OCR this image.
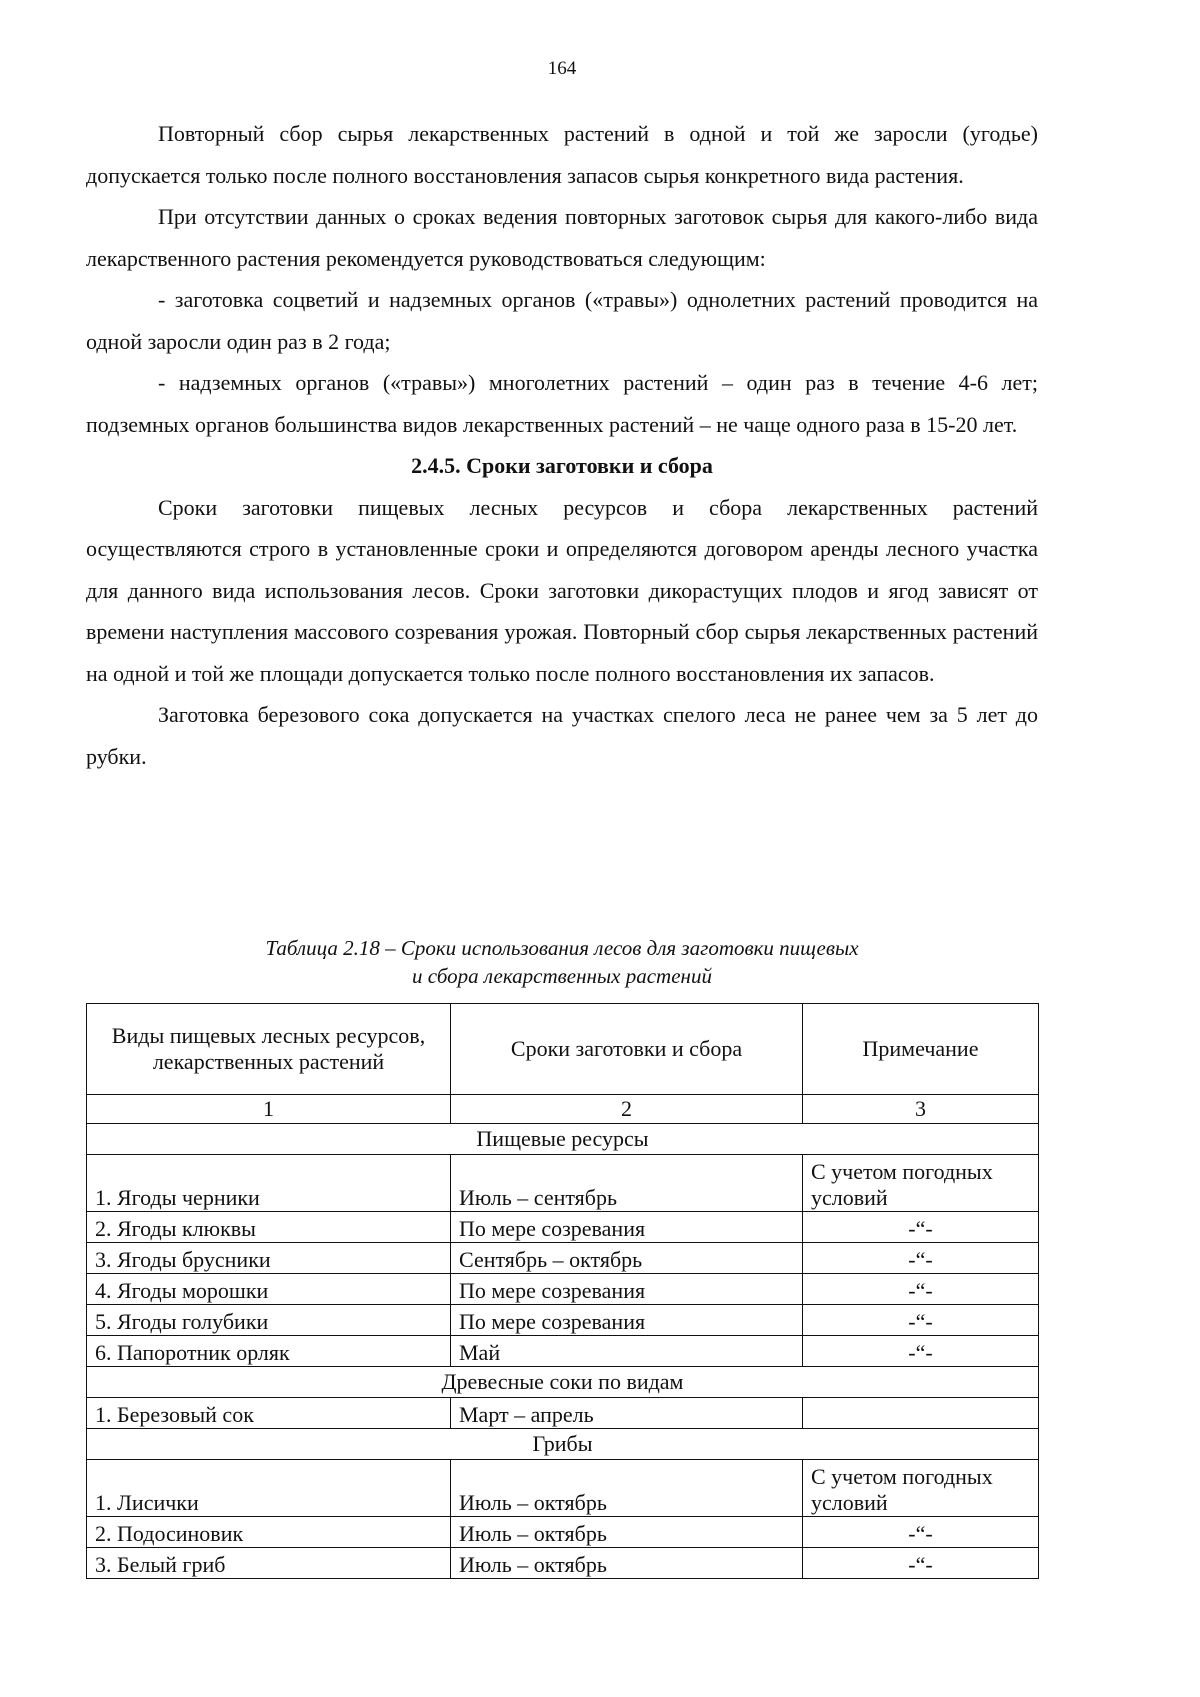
164

Повторный сбор сырья лекарственных растений в одной и той же заросли (угодье) допускается только после полного восстановления запасов сырья конкретного вида растения.

При отсутствии данных о сроках ведения повторных заготовок сырья для какого-либо вида лекарственного растения рекомендуется руководствоваться следующим:

- заготовка соцветий и надземных органов («травы») однолетних растений проводится на одной заросли один раз в 2 года;

- надземных органов («травы») многолетних растений – один раз в течение 4-6 лет; подземных органов большинства видов лекарственных растений – не чаще одного раза в 15-20 лет.

2.4.5. Сроки заготовки и сбора

Сроки заготовки пищевых лесных ресурсов и сбора лекарственных растений осуществляются строго в установленные сроки и определяются договором аренды лесного участка для данного вида использования лесов. Сроки заготовки дикорастущих плодов и ягод зависят от времени наступления массового созревания урожая. Повторный сбор сырья лекарственных растений на одной и той же площади допускается только после полного восстановления их запасов.

Заготовка березового сока допускается на участках спелого леса не ранее чем за 5 лет до рубки.

Таблица 2.18 – Сроки использования лесов для заготовки пищевых
и сбора лекарственных растений
Виды пищевых лесных ресурсов, лекарственных растений	Сроки заготовки и сбора	Примечание
1	2	3
Пищевые ресурсы		
1. Ягоды черники	Июль – сентябрь	С учетом погодных условий
2. Ягоды клюквы	По мере созревания	-“-
3. Ягоды брусники	Сентябрь – октябрь	-“-
4. Ягоды морошки	По мере созревания	-“-
5. Ягоды голубики	По мере созревания	-“-
6. Папоротник орляк	Май	-“-
Древесные соки по видам		
1. Березовый сок	Март – апрель	
Грибы		
1. Лисички	Июль – октябрь	С учетом погодных условий
2. Подосиновик	Июль – октябрь	-“-
3. Белый гриб	Июль – октябрь	-“-
